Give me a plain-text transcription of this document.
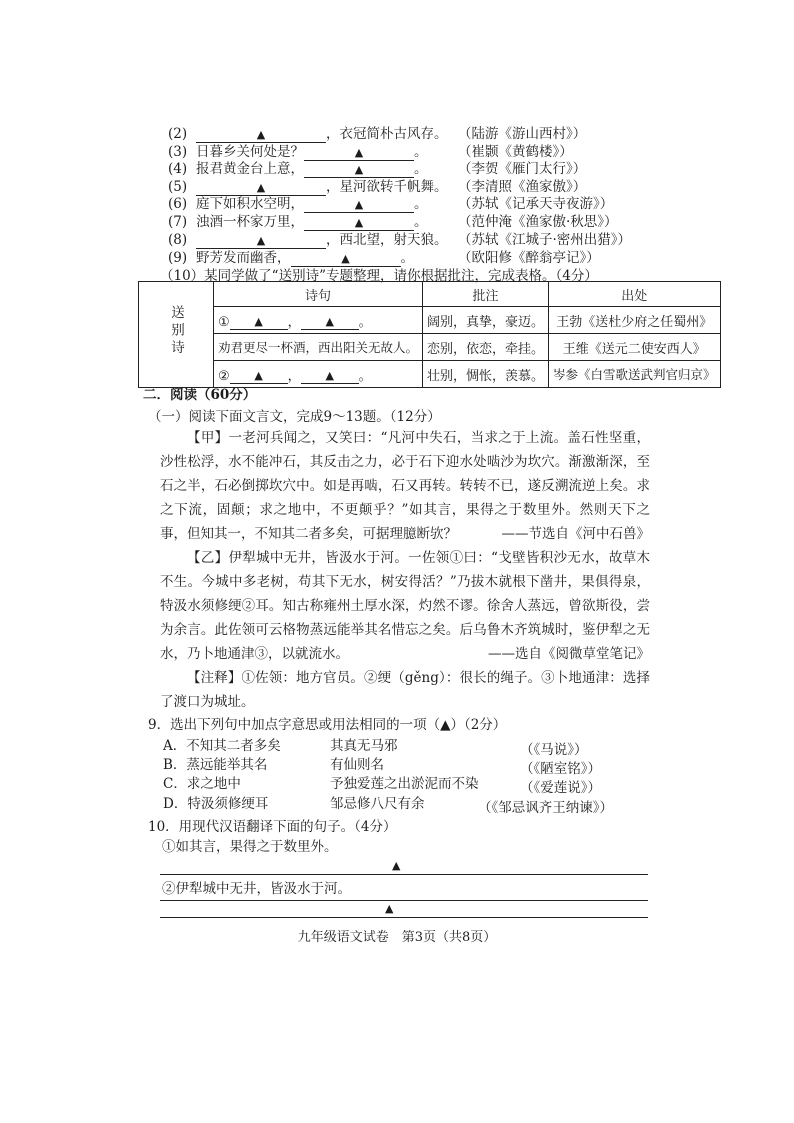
(2)	▲	，衣冠简朴古风存。 （陆游《游山西村》）
(3) 日暮乡关何处是？	▲	。 （崔颢《黄鹤楼》）
(4) 报君黄金台上意，	▲	。 （李贺《雁门太行》）
(5)	▲	，星河欲转千帆舞。 （李清照《渔家傲》）
(6) 庭下如积水空明，	▲	。 （苏轼《记承天寺夜游》）
(7) 浊酒一杯家万里，	▲	。 （范仲淹《渔家傲·秋思》）
(8)	▲	，西北望，射天狼。 （苏轼《江城子·密州出猎》）
(9) 野芳发而幽香，	▲	。	（欧阳修《醉翁亭记》）
（10）某同学做了“送别诗”专题整理，请你根据批注，完成表格。（4分）
送别诗	诗句	批注	出处
	① ▲ ， ▲ 。	阔别，真挚，豪迈。	王勃《送杜少府之任蜀州》
	劝君更尽一杯酒，西出阳关无故人。	恋别，依恋，牵挂。	王维《送元二使安西人》
	② ▲ ， ▲ 。	壮别，惆怅，羡慕。	岑参《白雪歌送武判官归京》
二．阅读（60分）
（一）阅读下面文言文，完成9～13题。（12分）
【甲】一老河兵闻之，又笑曰：“凡河中失石，当求之于上流。盖石性坚重，沙性松浮，水不能冲石，其反击之力，必于石下迎水处啮沙为坎穴。渐激渐深，至石之半，石必倒掷坎穴中。如是再啮，石又再转。转转不已，遂反溯流逆上矣。求之下流，固颠；求之地中，不更颠乎？”如其言，果得之于数里外。然则天下之事，但知其一，不知其二者多矣，可据理臆断欤？	——节选自《河中石兽》
【乙】伊犁城中无井，皆汲水于河。一佐领①曰：“戈壁皆积沙无水，故草木不生。今城中多老树，苟其下无水，树安得活？”乃拔木就根下凿井，果俱得泉，特汲水须修绠②耳。知古称雍州土厚水深，灼然不谬。徐舍人蒸远，曾欲斯役，尝为余言。此佐领可云格物蒸远能举其名惜忘之矣。后乌鲁木齐筑城时，鉴伊犁之无水，乃卜地通津③，以就流水。	——选自《阅微草堂笔记》
【注释】①佐领：地方官员。②绠（gěng）：很长的绳子。③卜地通津：选择了渡口为城址。
9．选出下列句中加点字意思或用法相同的一项（▲）（2分）
A．不知其二者多矣	其真无马邪	（《马说》）
B．蒸远能举其名	有仙则名	（《陋室铭》）
C．求之地中	予独爱莲之出淤泥而不染	（《爱莲说》）
D．特汲须修绠耳	邹忌修八尺有余	（《邹忌讽齐王纳谏》）
10．用现代汉语翻译下面的句子。（4分）
①如其言，果得之于数里外。
▲
②伊犁城中无井，皆汲水于河。
▲
九年级语文试卷　第3页（共8页）
